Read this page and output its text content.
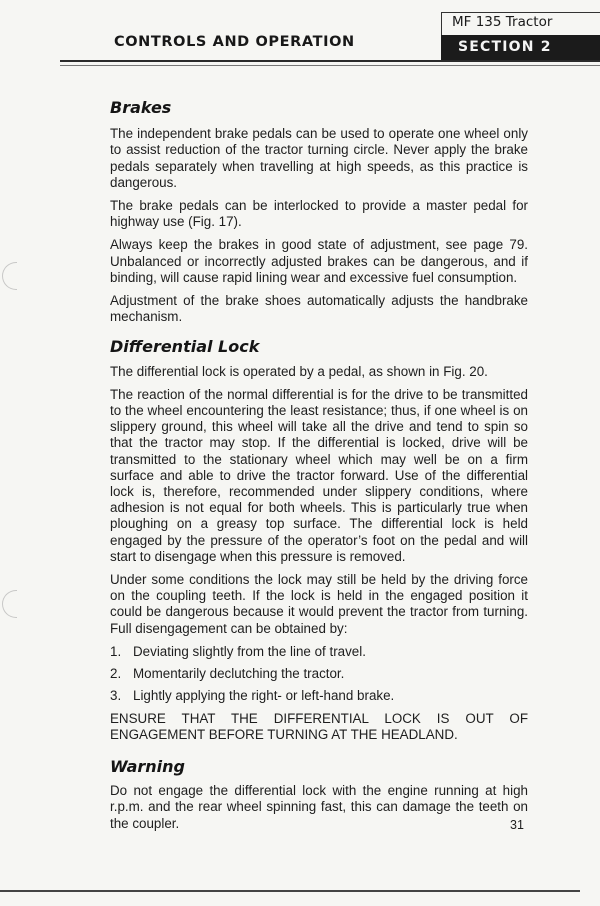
MF 135 Tractor
SECTION 2
CONTROLS AND OPERATION
Brakes

The independent brake pedals can be used to operate one wheel only to assist reduction of the tractor turning circle. Never apply the brake pedals separately when travelling at high speeds, as this practice is dangerous.

The brake pedals can be interlocked to provide a master pedal for highway use (Fig. 17).

Always keep the brakes in good state of adjustment, see page 79. Unbalanced or incorrectly adjusted brakes can be dangerous, and if binding, will cause rapid lining wear and excessive fuel consumption.

Adjustment of the brake shoes automatically adjusts the handbrake mechanism.

Differential Lock

The differential lock is operated by a pedal, as shown in Fig. 20.

The reaction of the normal differential is for the drive to be transmitted to the wheel encountering the least resistance; thus, if one wheel is on slippery ground, this wheel will take all the drive and tend to spin so that the tractor may stop. If the differential is locked, drive will be transmitted to the stationary wheel which may well be on a firm surface and able to drive the tractor forward. Use of the differential lock is, therefore, recommended under slippery conditions, where adhesion is not equal for both wheels. This is particularly true when ploughing on a greasy top surface. The differential lock is held engaged by the pressure of the operator’s foot on the pedal and will start to disengage when this pressure is removed.

Under some conditions the lock may still be held by the driving force on the coupling teeth. If the lock is held in the engaged position it could be dangerous because it would prevent the tractor from turning. Full disengagement can be obtained by:

1. Deviating slightly from the line of travel.
2. Momentarily declutching the tractor.
3. Lightly applying the right- or left-hand brake.

ENSURE THAT THE DIFFERENTIAL LOCK IS OUT OF ENGAGEMENT BEFORE TURNING AT THE HEADLAND.

Warning

Do not engage the differential lock with the engine running at high r.p.m. and the rear wheel spinning fast, this can damage the teeth on the coupler.	31
